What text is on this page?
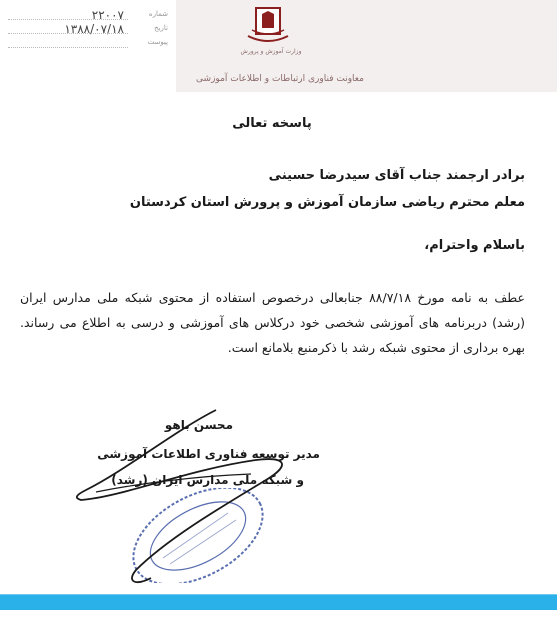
شماره
۲۲۰۰۷
تاریخ
۱۳۸۸/۰۷/۱۸
پیوست
وزارت آموزش و پرورش
معاونت فناوری ارتباطات و اطلاعات آموزشی
پاسخه تعالی
برادر ارجمند جناب آقای سیدرضا حسینی
معلم محترم ریاضی سازمان آموزش و پرورش استان کردستان
باسلام واحترام،
عطف به نامه مورخ ۸۸/۷/۱۸ جنابعالی درخصوص استفاده از محتوی شبکه ملی مدارس ایران (رشد) دربرنامه های آموزشی شخصی خود درکلاس های آموزشی و درسی به اطلاع می رساند. بهره برداری از محتوی شبکه رشد با ذکرمنبع بلامانع است.
محسن باهو
مدیر توسعه فناوری اطلاعات آموزشی
و شبکه ملی مدارس ایران (رشد)
